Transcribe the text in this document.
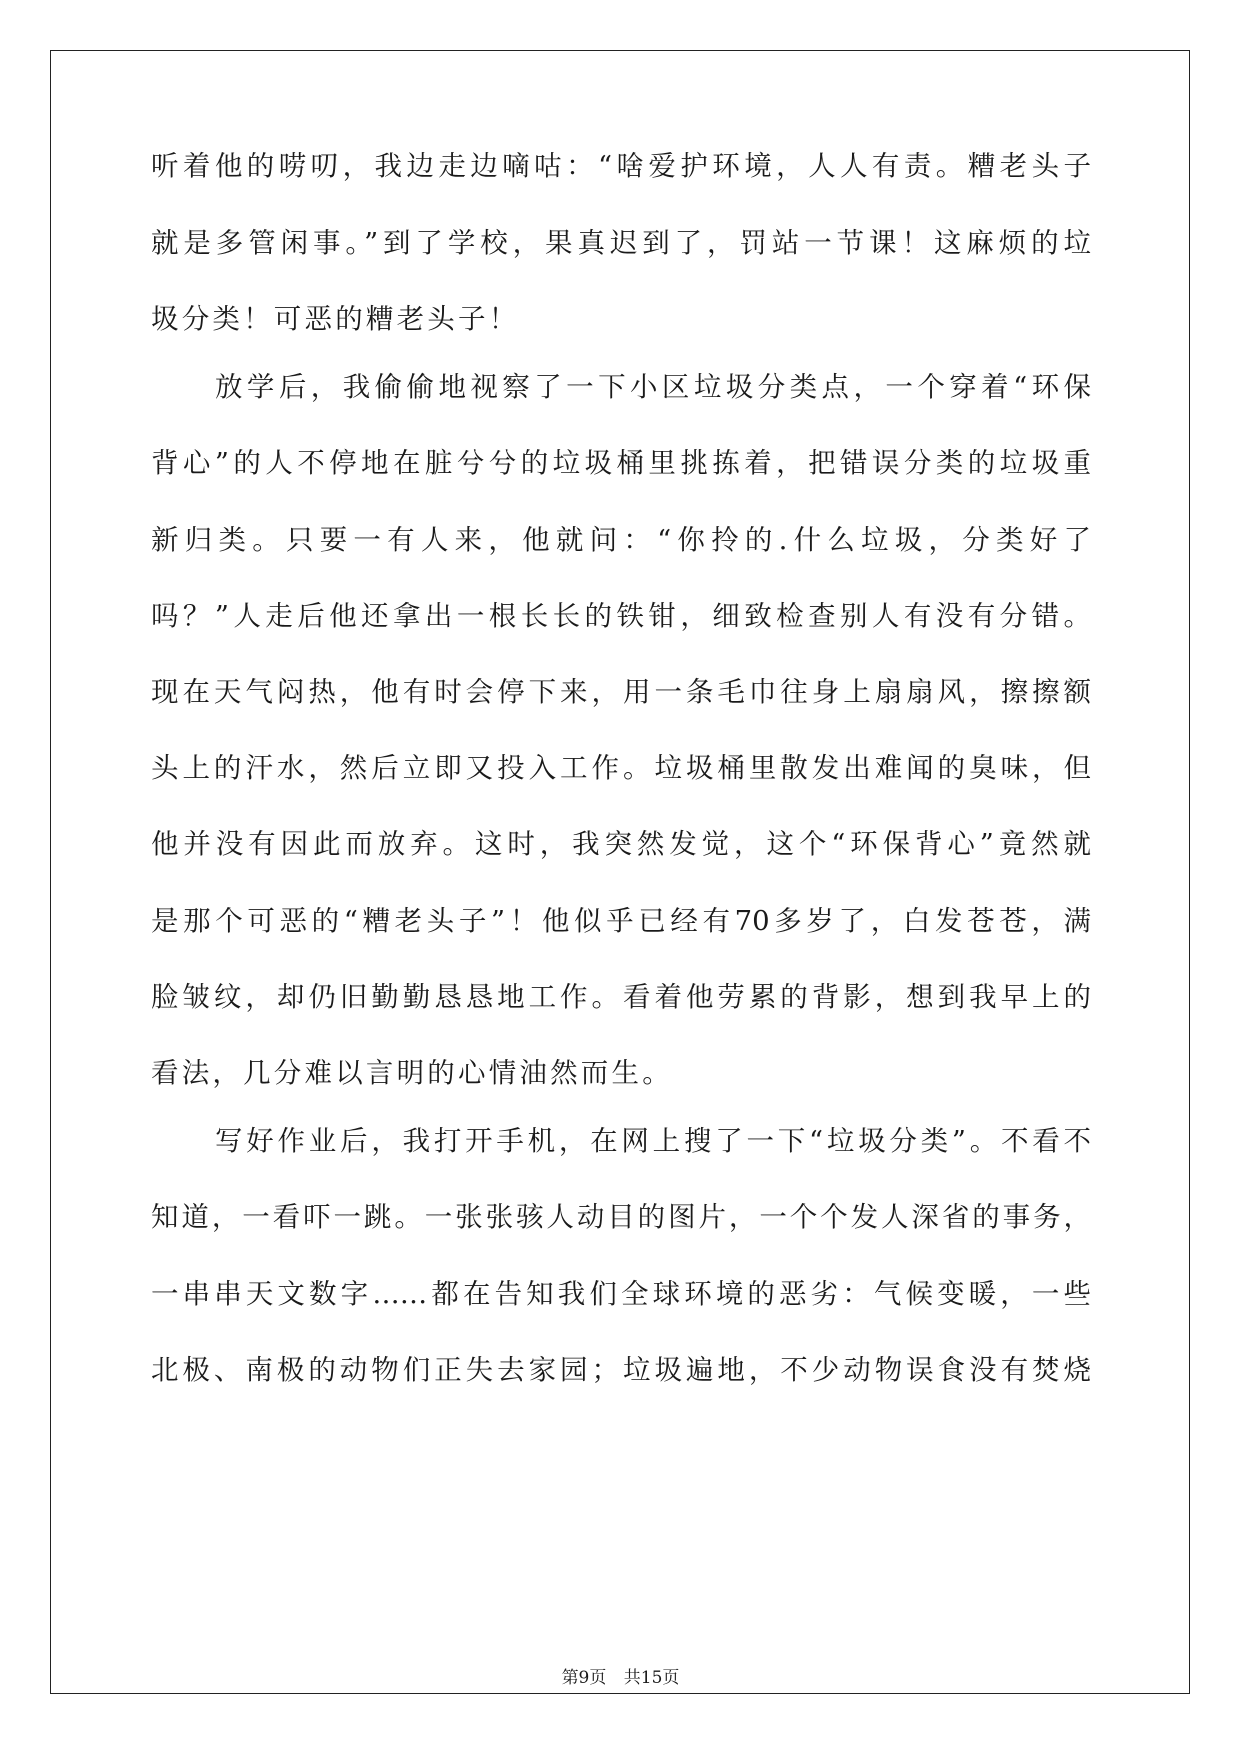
听着他的唠叨，我边走边嘀咕：“啥爱护环境，人人有责。糟老头子
就是多管闲事。”到了学校，果真迟到了，罚站一节课！这麻烦的垃
圾分类！可恶的糟老头子！
放学后，我偷偷地视察了一下小区垃圾分类点，一个穿着“环保
背心”的人不停地在脏兮兮的垃圾桶里挑拣着，把错误分类的垃圾重
新归类。只要一有人来，他就问：“你拎的.什么垃圾，分类好了
吗？”人走后他还拿出一根长长的铁钳，细致检查别人有没有分错。
现在天气闷热，他有时会停下来，用一条毛巾往身上扇扇风，擦擦额
头上的汗水，然后立即又投入工作。垃圾桶里散发出难闻的臭味，但
他并没有因此而放弃。这时，我突然发觉，这个“环保背心”竟然就
是那个可恶的“糟老头子”！他似乎已经有70多岁了，白发苍苍，满
脸皱纹，却仍旧勤勤恳恳地工作。看着他劳累的背影，想到我早上的
看法，几分难以言明的心情油然而生。
写好作业后，我打开手机，在网上搜了一下“垃圾分类”。不看不
知道，一看吓一跳。一张张骇人动目的图片，一个个发人深省的事务，
一串串天文数字……都在告知我们全球环境的恶劣：气候变暖，一些
北极、南极的动物们正失去家园；垃圾遍地，不少动物误食没有焚烧
第9页 共15页
